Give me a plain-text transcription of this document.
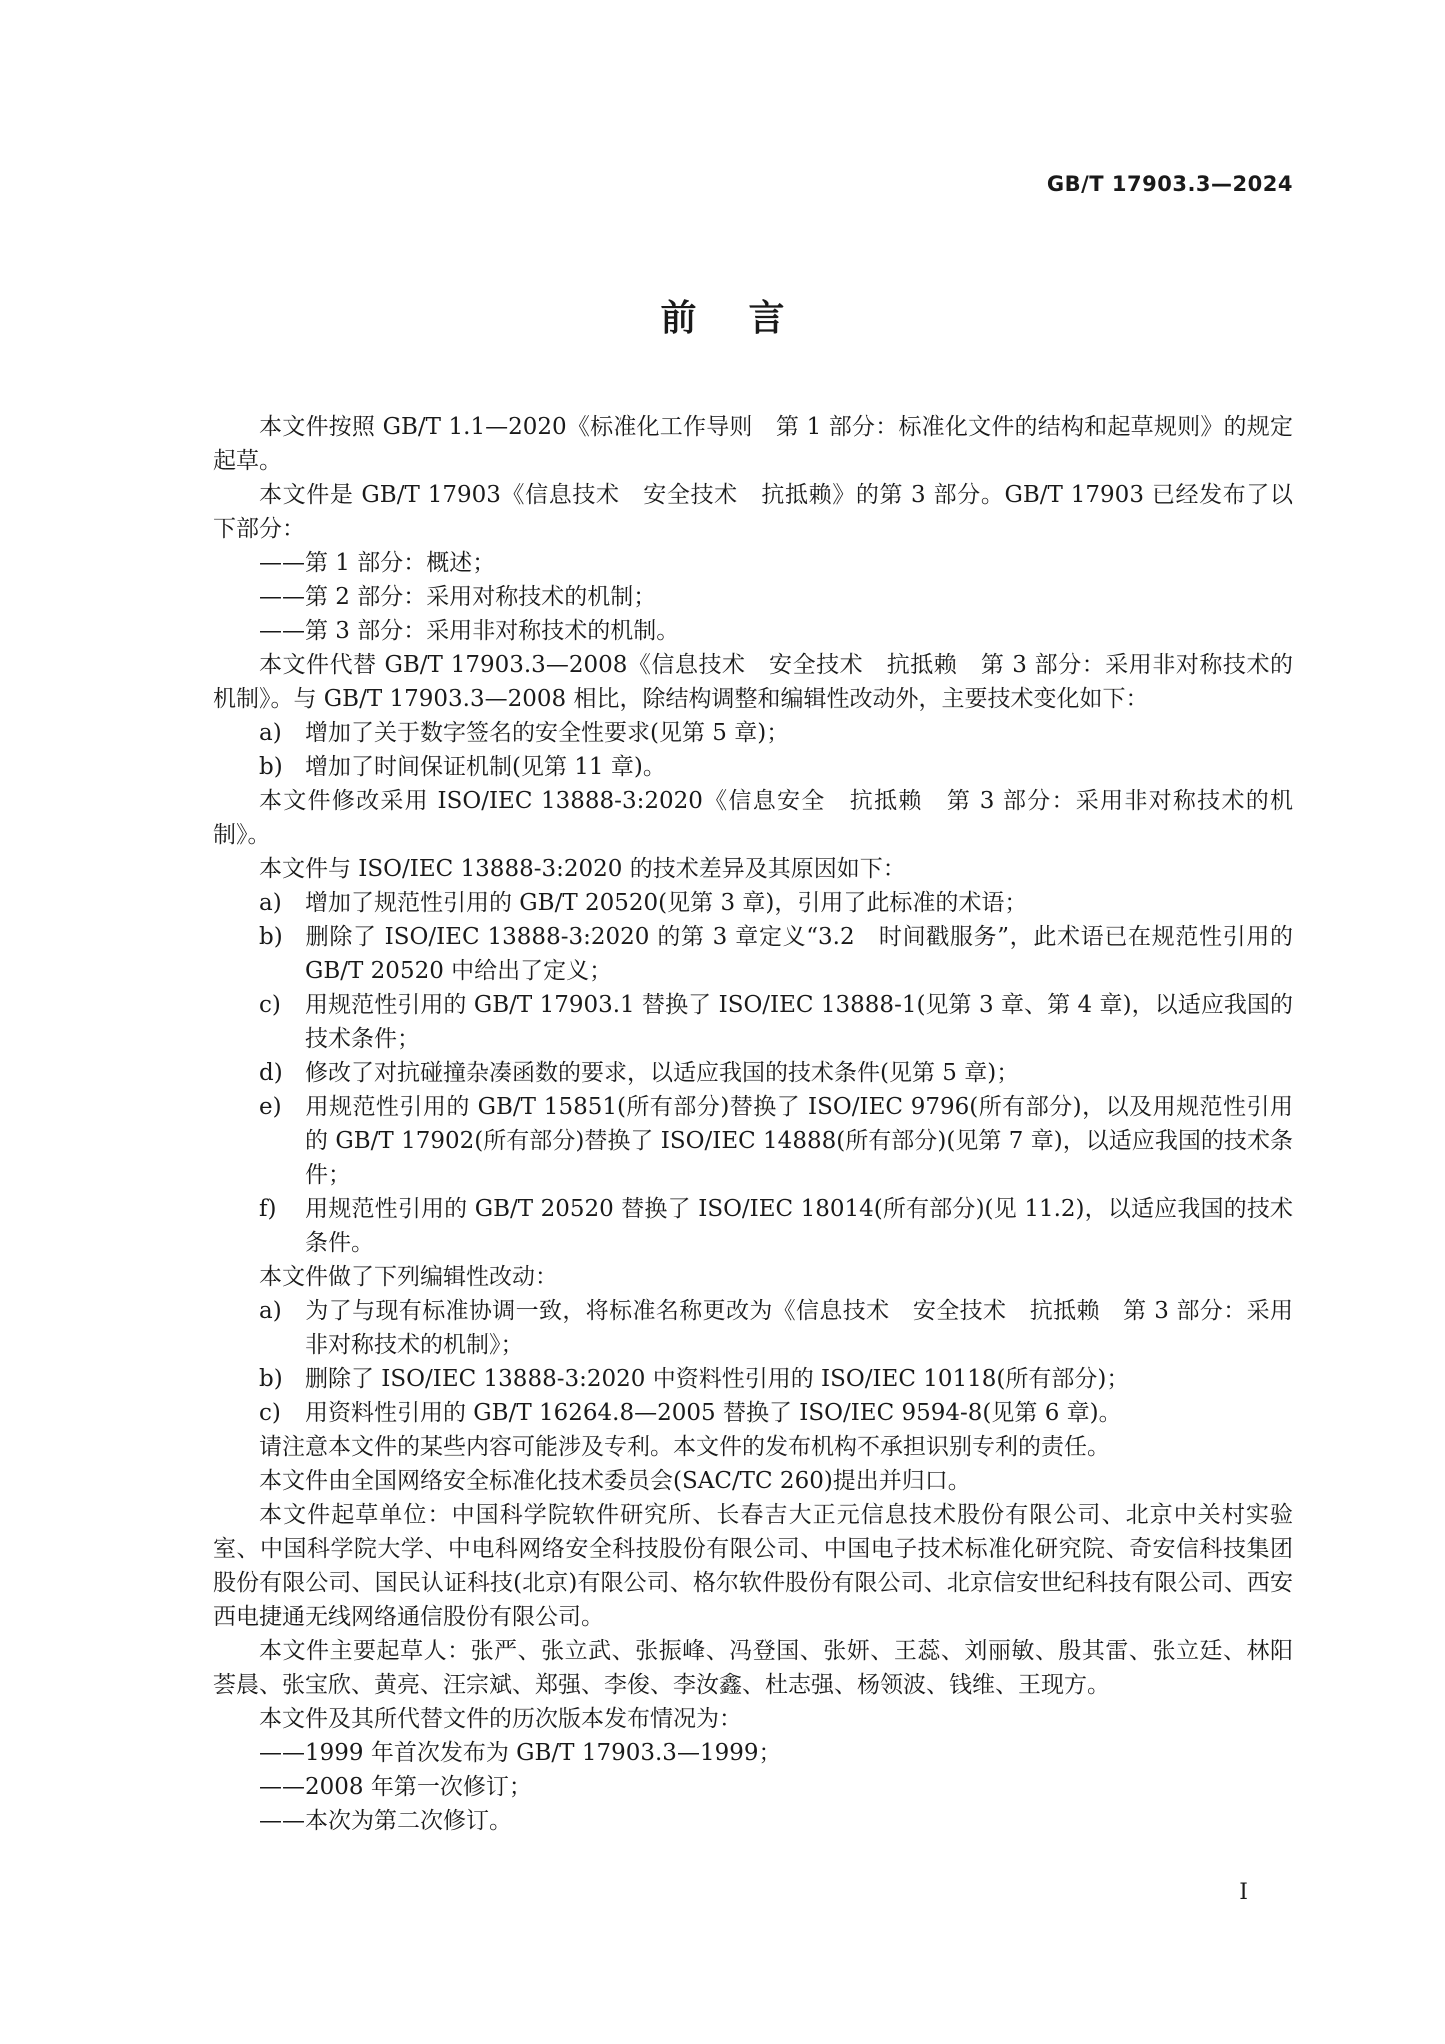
GB/T 17903.3—2024
前言

本文件按照 GB/T 1.1—2020《标准化工作导则　第 1 部分：标准化文件的结构和起草规则》的规定起草。

本文件是 GB/T 17903《信息技术　安全技术　抗抵赖》的第 3 部分。GB/T 17903 已经发布了以下部分：

——第 1 部分：概述；

——第 2 部分：采用对称技术的机制；

——第 3 部分：采用非对称技术的机制。

本文件代替 GB/T 17903.3—2008《信息技术　安全技术　抗抵赖　第 3 部分：采用非对称技术的机制》。与 GB/T 17903.3—2008 相比，除结构调整和编辑性改动外，主要技术变化如下：

a) 增加了关于数字签名的安全性要求(见第 5 章)；

b) 增加了时间保证机制(见第 11 章)。

本文件修改采用 ISO/IEC 13888-3:2020《信息安全　抗抵赖　第 3 部分：采用非对称技术的机制》。

本文件与 ISO/IEC 13888-3:2020 的技术差异及其原因如下：

a) 增加了规范性引用的 GB/T 20520(见第 3 章)，引用了此标准的术语；

b) 删除了 ISO/IEC 13888-3:2020 的第 3 章定义“3.2　时间戳服务”，此术语已在规范性引用的 GB/T 20520 中给出了定义；

c) 用规范性引用的 GB/T 17903.1 替换了 ISO/IEC 13888-1(见第 3 章、第 4 章)，以适应我国的技术条件；

d) 修改了对抗碰撞杂凑函数的要求，以适应我国的技术条件(见第 5 章)；

e) 用规范性引用的 GB/T 15851(所有部分)替换了 ISO/IEC 9796(所有部分)，以及用规范性引用的 GB/T 17902(所有部分)替换了 ISO/IEC 14888(所有部分)(见第 7 章)，以适应我国的技术条件；

f) 用规范性引用的 GB/T 20520 替换了 ISO/IEC 18014(所有部分)(见 11.2)，以适应我国的技术条件。

本文件做了下列编辑性改动：

a) 为了与现有标准协调一致，将标准名称更改为《信息技术　安全技术　抗抵赖　第 3 部分：采用非对称技术的机制》；

b) 删除了 ISO/IEC 13888-3:2020 中资料性引用的 ISO/IEC 10118(所有部分)；

c) 用资料性引用的 GB/T 16264.8—2005 替换了 ISO/IEC 9594-8(见第 6 章)。

请注意本文件的某些内容可能涉及专利。本文件的发布机构不承担识别专利的责任。

本文件由全国网络安全标准化技术委员会(SAC/TC 260)提出并归口。

本文件起草单位：中国科学院软件研究所、长春吉大正元信息技术股份有限公司、北京中关村实验室、中国科学院大学、中电科网络安全科技股份有限公司、中国电子技术标准化研究院、奇安信科技集团股份有限公司、国民认证科技(北京)有限公司、格尔软件股份有限公司、北京信安世纪科技有限公司、西安西电捷通无线网络通信股份有限公司。

本文件主要起草人：张严、张立武、张振峰、冯登国、张妍、王蕊、刘丽敏、殷其雷、张立廷、林阳荟晨、张宝欣、黄亮、汪宗斌、郑强、李俊、李汝鑫、杜志强、杨领波、钱维、王现方。

本文件及其所代替文件的历次版本发布情况为：

——1999 年首次发布为 GB/T 17903.3—1999；

——2008 年第一次修订；

——本次为第二次修订。

I
